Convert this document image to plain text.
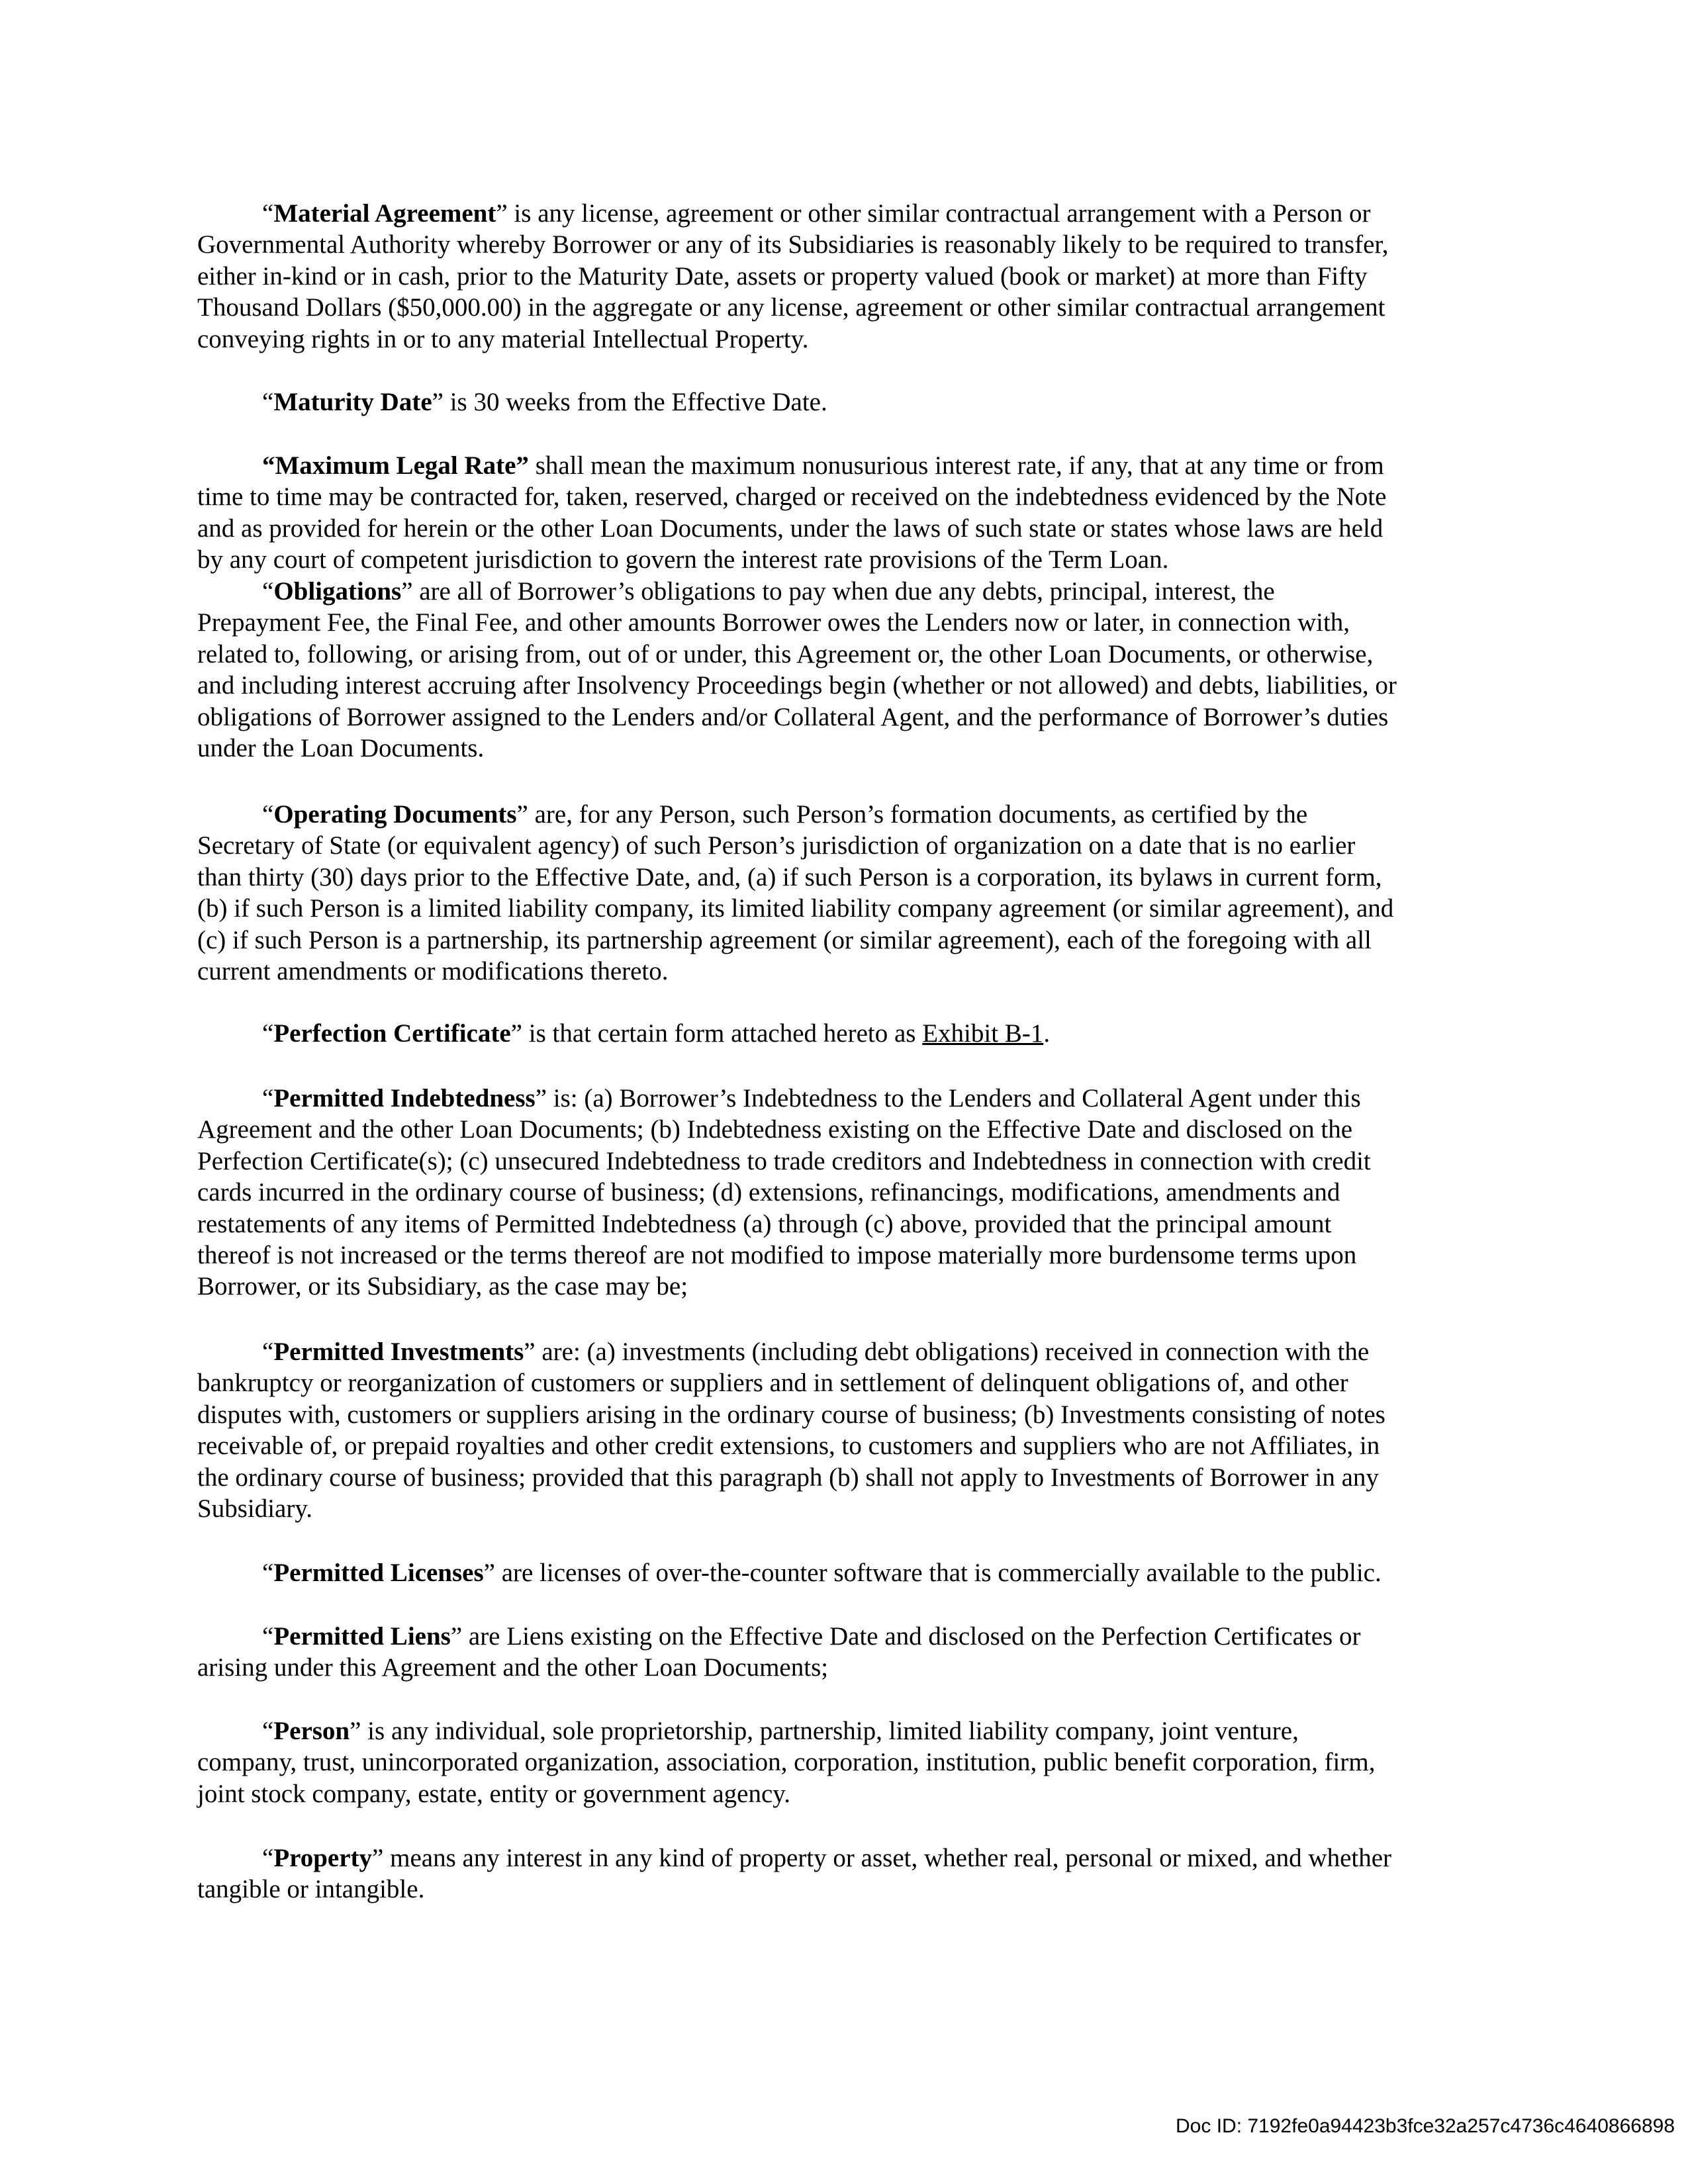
“Material Agreement” is any license, agreement or other similar contractual arrangement with a Person or
Governmental Authority whereby Borrower or any of its Subsidiaries is reasonably likely to be required to transfer,
either in-kind or in cash, prior to the Maturity Date, assets or property valued (book or market) at more than Fifty
Thousand Dollars ($50,000.00) in the aggregate or any license, agreement or other similar contractual arrangement
conveying rights in or to any material Intellectual Property.
“Maturity Date” is 30 weeks from the Effective Date.
“Maximum Legal Rate” shall mean the maximum nonusurious interest rate, if any, that at any time or from
time to time may be contracted for, taken, reserved, charged or received on the indebtedness evidenced by the Note
and as provided for herein or the other Loan Documents, under the laws of such state or states whose laws are held
by any court of competent jurisdiction to govern the interest rate provisions of the Term Loan.
“Obligations” are all of Borrower’s obligations to pay when due any debts, principal, interest, the
Prepayment Fee, the Final Fee, and other amounts Borrower owes the Lenders now or later, in connection with,
related to, following, or arising from, out of or under, this Agreement or, the other Loan Documents, or otherwise,
and including interest accruing after Insolvency Proceedings begin (whether or not allowed) and debts, liabilities, or
obligations of Borrower assigned to the Lenders and/or Collateral Agent, and the performance of Borrower’s duties
under the Loan Documents.
“Operating Documents” are, for any Person, such Person’s formation documents, as certified by the
Secretary of State (or equivalent agency) of such Person’s jurisdiction of organization on a date that is no earlier
than thirty (30) days prior to the Effective Date, and, (a) if such Person is a corporation, its bylaws in current form,
(b) if such Person is a limited liability company, its limited liability company agreement (or similar agreement), and
(c) if such Person is a partnership, its partnership agreement (or similar agreement), each of the foregoing with all
current amendments or modifications thereto.
“Perfection Certificate” is that certain form attached hereto as Exhibit B-1.
“Permitted Indebtedness” is: (a) Borrower’s Indebtedness to the Lenders and Collateral Agent under this
Agreement and the other Loan Documents; (b) Indebtedness existing on the Effective Date and disclosed on the
Perfection Certificate(s); (c) unsecured Indebtedness to trade creditors and Indebtedness in connection with credit
cards incurred in the ordinary course of business; (d) extensions, refinancings, modifications, amendments and
restatements of any items of Permitted Indebtedness (a) through (c) above, provided that the principal amount
thereof is not increased or the terms thereof are not modified to impose materially more burdensome terms upon
Borrower, or its Subsidiary, as the case may be;
“Permitted Investments” are: (a) investments (including debt obligations) received in connection with the
bankruptcy or reorganization of customers or suppliers and in settlement of delinquent obligations of, and other
disputes with, customers or suppliers arising in the ordinary course of business; (b) Investments consisting of notes
receivable of, or prepaid royalties and other credit extensions, to customers and suppliers who are not Affiliates, in
the ordinary course of business; provided that this paragraph (b) shall not apply to Investments of Borrower in any
Subsidiary.
“Permitted Licenses” are licenses of over-the-counter software that is commercially available to the public.
“Permitted Liens” are Liens existing on the Effective Date and disclosed on the Perfection Certificates or
arising under this Agreement and the other Loan Documents;
“Person” is any individual, sole proprietorship, partnership, limited liability company, joint venture,
company, trust, unincorporated organization, association, corporation, institution, public benefit corporation, firm,
joint stock company, estate, entity or government agency.
“Property” means any interest in any kind of property or asset, whether real, personal or mixed, and whether
tangible or intangible.
Doc ID: 7192fe0a94423b3fce32a257c4736c4640866898
